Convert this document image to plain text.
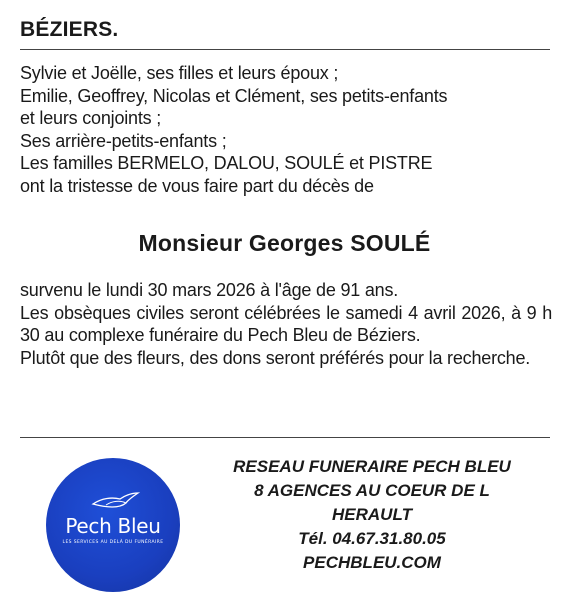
BÉZIERS.
Sylvie et Joëlle, ses filles et leurs époux ;
Emilie, Geoffrey, Nicolas et Clément, ses petits-enfants
et leurs conjoints ;
Ses arrière-petits-enfants ;
Les familles BERMELO, DALOU, SOULÉ et PISTRE
ont la tristesse de vous faire part du décès de
Monsieur Georges SOULÉ

survenu le lundi 30 mars 2026 à l'âge de 91 ans.

Les obsèques civiles seront célébrées le samedi 4 avril 2026, à 9 h 30 au complexe funéraire du Pech Bleu de Béziers.

Plutôt que des fleurs, des dons seront préférés pour la recherche.

Pech Bleu
LES SERVICES AU DELÀ DU FUNÉRAIRE
RESEAU FUNERAIRE PECH BLEU
8 AGENCES AU COEUR DE L
HERAULT
Tél. 04.67.31.80.05
PECHBLEU.COM
